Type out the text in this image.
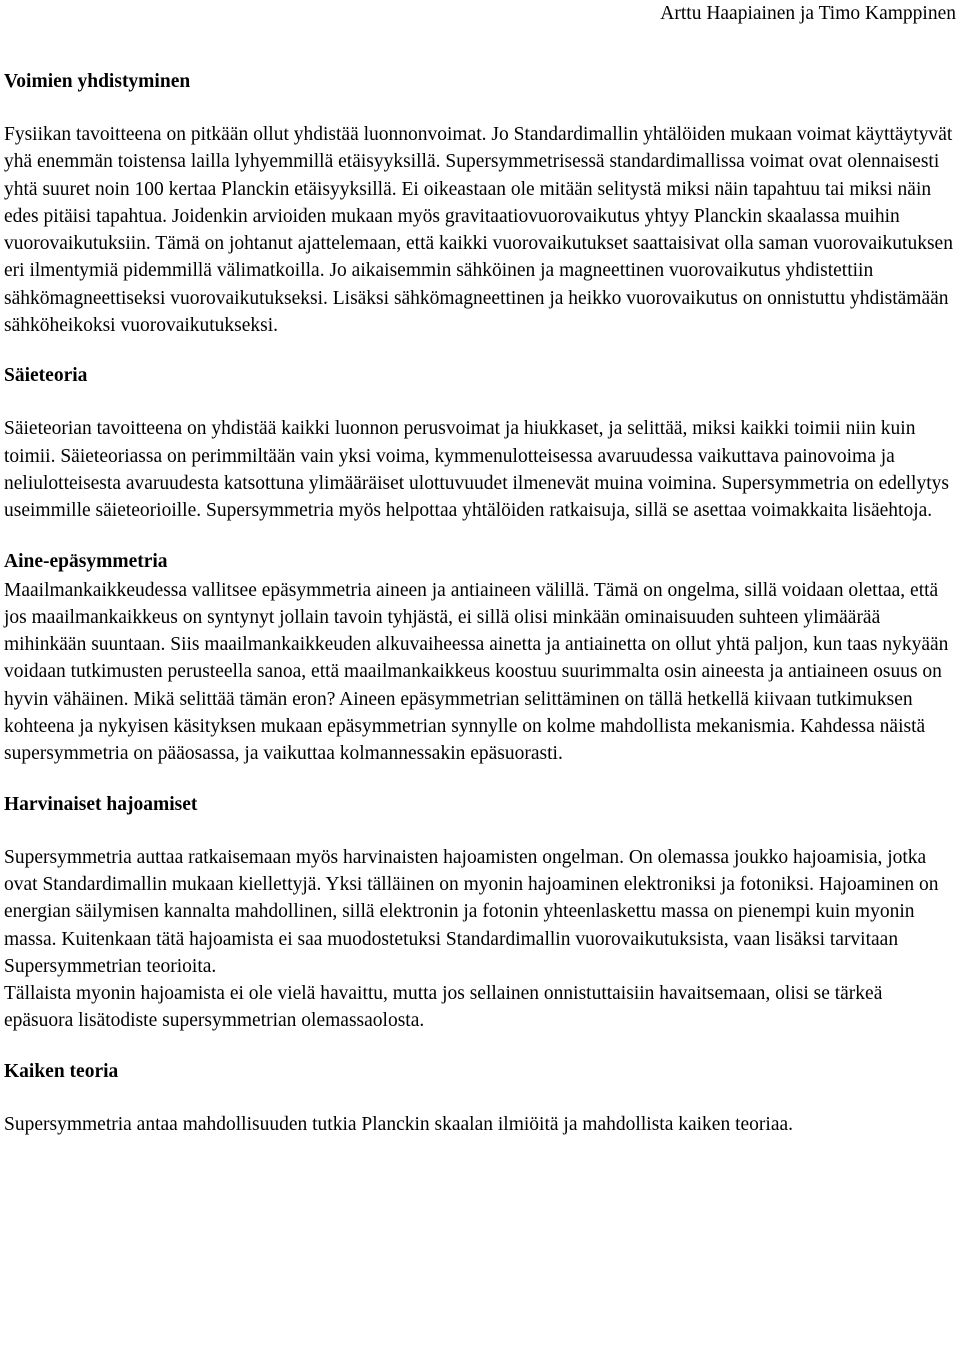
Arttu Haapiainen ja Timo Kamppinen

Voimien yhdistyminen

Fysiikan tavoitteena on pitkään ollut yhdistää luonnonvoimat. Jo Standardimallin yhtälöiden mukaan voimat käyttäytyvät yhä enemmän toistensa lailla lyhyemmillä etäisyyksillä. Supersymmetrisessä standardimallissa voimat ovat olennaisesti yhtä suuret noin 100 kertaa Planckin etäisyyksillä. Ei oikeastaan ole mitään selitystä miksi näin tapahtuu tai miksi näin edes pitäisi tapahtua. Joidenkin arvioiden mukaan myös gravitaatiovuorovaikutus yhtyy Planckin skaalassa muihin vuorovaikutuksiin. Tämä on johtanut ajattelemaan, että kaikki vuorovaikutukset saattaisivat olla saman vuorovaikutuksen eri ilmentymiä pidemmillä välimatkoilla. Jo aikaisemmin sähköinen ja magneettinen vuorovaikutus yhdistettiin sähkömagneettiseksi vuorovaikutukseksi. Lisäksi sähkömagneettinen ja heikko vuorovaikutus on onnistuttu yhdistämään sähköheikoksi vuorovaikutukseksi.

Säieteoria

Säieteorian tavoitteena on yhdistää kaikki luonnon perusvoimat ja hiukkaset, ja selittää, miksi kaikki toimii niin kuin toimii. Säieteoriassa on perimmiltään vain yksi voima, kymmenulotteisessa avaruudessa vaikuttava painovoima ja neliulotteisesta avaruudesta katsottuna ylimääräiset ulottuvuudet ilmenevät muina voimina. Supersymmetria on edellytys useimmille säieteorioille. Supersymmetria myös helpottaa yhtälöiden ratkaisuja, sillä se asettaa voimakkaita lisäehtoja.

Aine-epäsymmetria

Maailmankaikkeudessa vallitsee epäsymmetria aineen ja antiaineen välillä. Tämä on ongelma, sillä voidaan olettaa, että jos maailmankaikkeus on syntynyt jollain tavoin tyhjästä, ei sillä olisi minkään ominaisuuden suhteen ylimäärää mihinkään suuntaan. Siis maailmankaikkeuden alkuvaiheessa ainetta ja antiainetta on ollut yhtä paljon, kun taas nykyään voidaan tutkimusten perusteella sanoa, että maailmankaikkeus koostuu suurimmalta osin aineesta ja antiaineen osuus on hyvin vähäinen. Mikä selittää tämän eron? Aineen epäsymmetrian selittäminen on tällä hetkellä kiivaan tutkimuksen kohteena ja nykyisen käsityksen mukaan epäsymmetrian synnylle on kolme mahdollista mekanismia. Kahdessa näistä supersymmetria on pääosassa, ja vaikuttaa kolmannessakin epäsuorasti.

Harvinaiset hajoamiset

Supersymmetria auttaa ratkaisemaan myös harvinaisten hajoamisten ongelman. On olemassa joukko hajoamisia, jotka ovat Standardimallin mukaan kiellettyjä. Yksi tälläinen on myonin hajoaminen elektroniksi ja fotoniksi. Hajoaminen on energian säilymisen kannalta mahdollinen, sillä elektronin ja fotonin yhteenlaskettu massa on pienempi kuin myonin massa. Kuitenkaan tätä hajoamista ei saa muodostetuksi Standardimallin vuorovaikutuksista, vaan lisäksi tarvitaan Supersymmetrian teorioita.

Tällaista myonin hajoamista ei ole vielä havaittu, mutta jos sellainen onnistuttaisiin havaitsemaan, olisi se tärkeä epäsuora lisätodiste supersymmetrian olemassaolosta.

Kaiken teoria

Supersymmetria antaa mahdollisuuden tutkia Planckin skaalan ilmiöitä ja mahdollista kaiken teoriaa.
